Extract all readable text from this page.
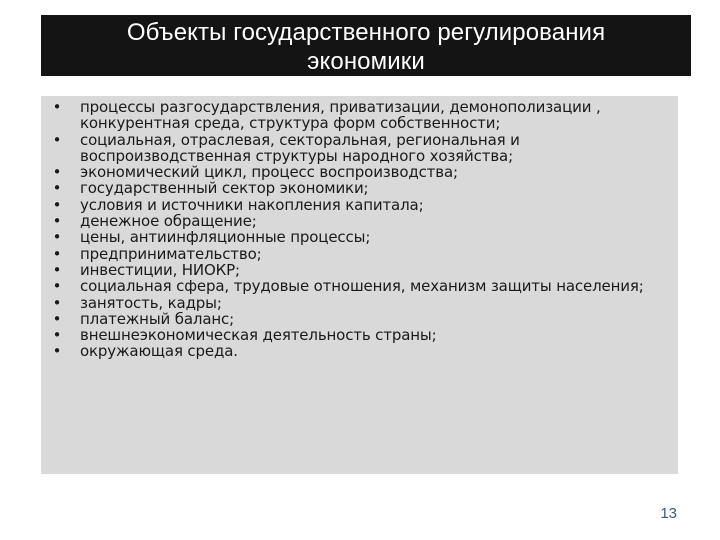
Объекты государственного регулирования
экономики
• процессы разгосударствления, приватизации, демонополизации , конкурентная среда, структура форм собственности;
• социальная, отраслевая, секторальная, региональная и воспроизводственная структуры народного хозяйства;
• экономический цикл, процесс воспроизводства;
• государственный сектор экономики;
• условия и источники накопления капитала;
• денежное обращение;
• цены, антиинфляционные процессы;
• предпринимательство;
• инвестиции, НИОКР;
• социальная сфера, трудовые отношения, механизм защиты населения;
• занятость, кадры;
• платежный баланс;
• внешнеэкономическая деятельность страны;
• окружающая среда.
13
